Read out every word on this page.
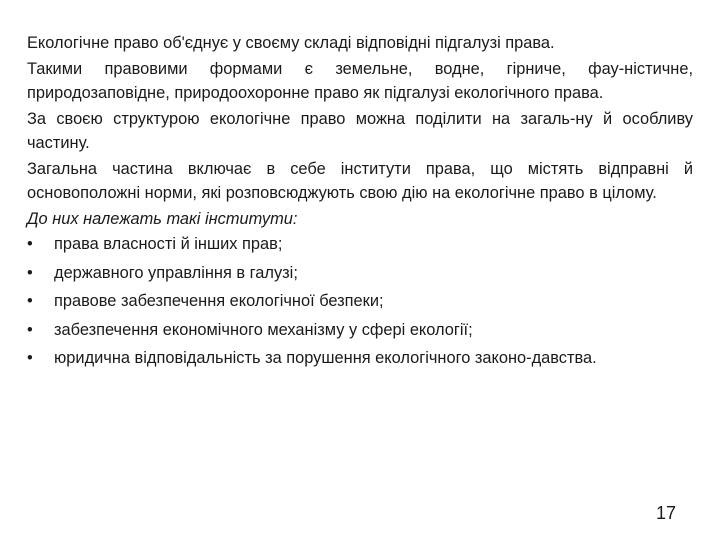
Екологічне право об'єднує у своєму складі відповідні підгалузі права.

Такими правовими формами є земельне, водне, гірниче, фау-ністичне, природозаповідне, природоохоронне право як підгалузі екологічного права.

За своєю структурою екологічне право можна поділити на загаль-ну й особливу частину.

Загальна частина включає в себе інститути права, що містять відправні й основоположні норми, які розповсюджують свою дію на екологічне право в цілому.

До них належать такі інститути:

• права власності й інших прав;
• державного управління в галузі;
• правове забезпечення екологічної безпеки;
• забезпечення економічного механізму у сфері екології;
• юридична відповідальність за порушення екологічного законо-давства.
17
